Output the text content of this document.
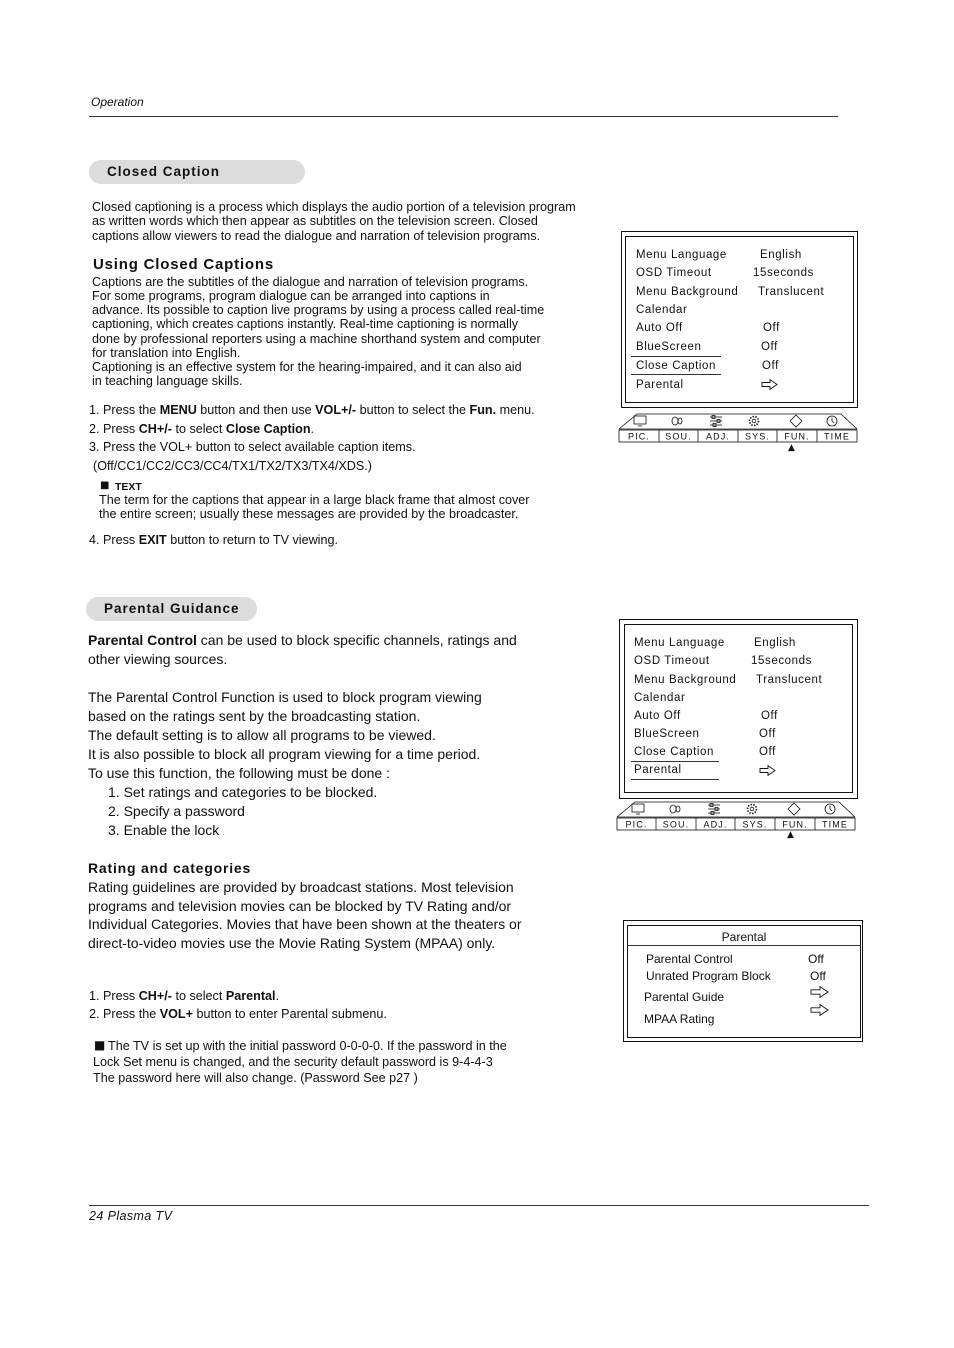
Operation
Closed Caption
Closed captioning is a process which displays the audio portion of a television program
as written words which then appear as subtitles on the television screen. Closed
captions allow viewers to read the dialogue and narration of television programs.
Using Closed Captions
Captions are the subtitles of the dialogue and narration of television programs.
For some programs, program dialogue can be arranged into captions in
advance. Its possible to caption live programs by using a process called real-time
captioning, which creates captions instantly. Real-time captioning is normally
done by professional reporters using a machine shorthand system and computer
for translation into English.
Captioning is an effective system for the hearing-impaired, and it can also aid
in teaching language skills.
1. Press the MENU button and then use VOL+/- button to select the Fun. menu.
2. Press CH+/- to select Close Caption.
3. Press the VOL+ button to select available caption items.
(Off/CC1/CC2/CC3/CC4/TX1/TX2/TX3/TX4/XDS.)
■ TEXT
The term for the captions that appear in a large black frame that almost cover
the entire screen; usually these messages are provided by the broadcaster.
4. Press EXIT button to return to TV viewing.
Menu Language	English
OSD Timeout	15seconds
Menu Background Translucent
Calendar
Auto Off	Off
BlueScreen	Off
Close Caption	Off
Parental
PIC. SOU. ADJ. SYS. FUN. TIME
▲
Parental Guidance
Parental Control can be used to block specific channels, ratings and
other viewing sources.
The Parental Control Function is used to block program viewing
based on the ratings sent by the broadcasting station.
The default setting is to allow all programs to be viewed.
It is also possible to block all program viewing for a time period.
To use this function, the following must be done :
1. Set ratings and categories to be blocked.
2. Specify a password
3. Enable the lock
Rating and categories
Rating guidelines are provided by broadcast stations. Most television
programs and television movies can be blocked by TV Rating and/or
Individual Categories. Movies that have been shown at the theaters or
direct-to-video movies use the Movie Rating System (MPAA) only.
1. Press CH+/- to select Parental.
2. Press the VOL+ button to enter Parental submenu.
■ The TV is set up with the initial password 0-0-0-0. If the password in the
Lock Set menu is changed, and the security default password is 9-4-4-3
The password here will also change. (Password See p27 )
Menu Language	English
OSD Timeout	15seconds
Menu Background Translucent
Calendar
Auto Off	Off
BlueScreen	Off
Close Caption	Off
Parental
PIC. SOU. ADJ. SYS. FUN. TIME
▲
Parental
Parental Control	Off
Unrated Program Block	Off
Parental Guide
MPAA Rating
24 Plasma TV
